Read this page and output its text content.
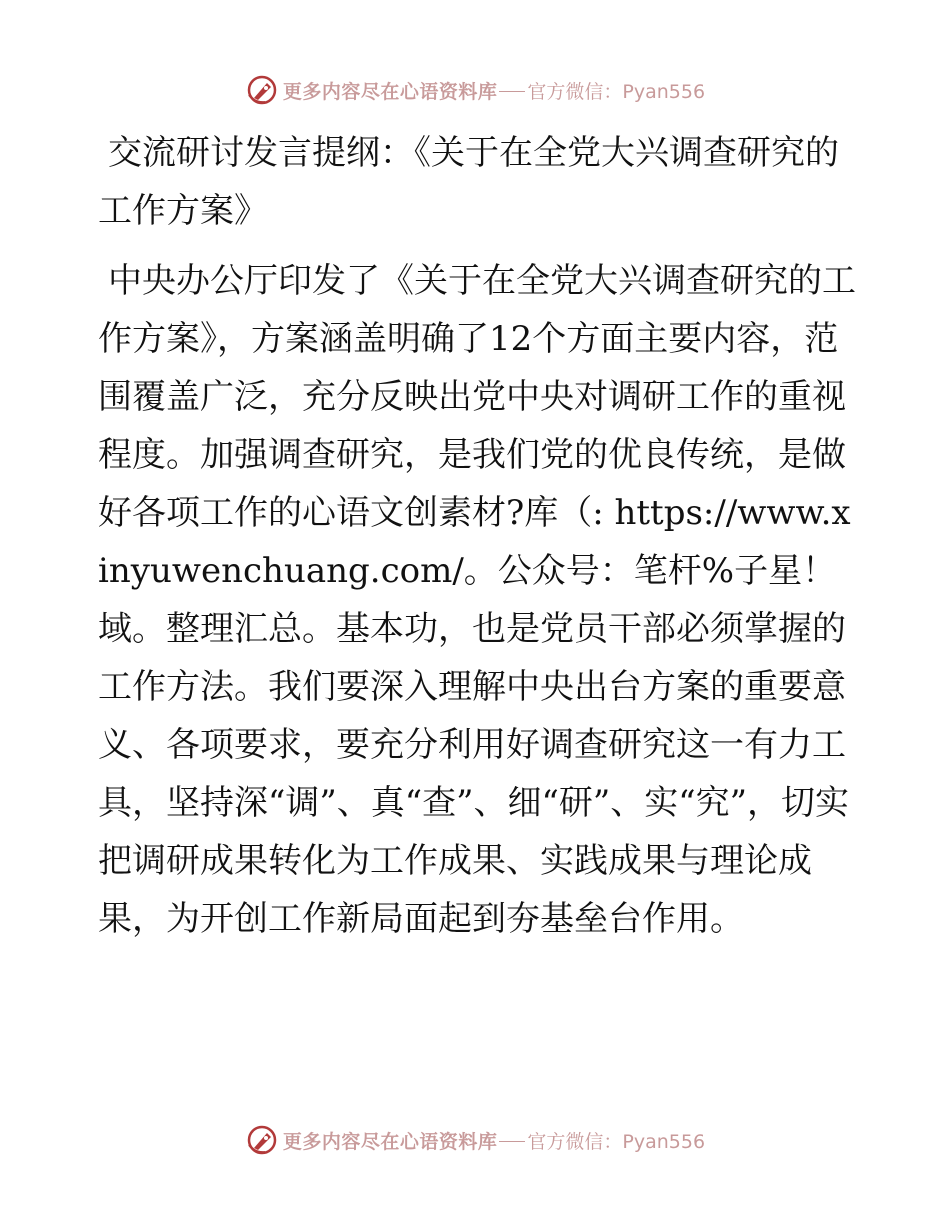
更多内容尽在心语资料库 官方微信：Pyan556
交流研讨发言提纲：《关于在全党大兴调查研究的工作方案》

中央办公厅印发了《关于在全党大兴调查研究的工作方案》，方案涵盖明确了12个方面主要内容，范围覆盖广泛，充分反映出党中央对调研工作的重视程度。加强调查研究，是我们党的优良传统，是做好各项工作的心语文创素材?库（: https://www.xinyuwenchuang.com/。公众号：笔杆%子星！域。整理汇总。基本功，也是党员干部必须掌握的工作方法。我们要深入理解中央出台方案的重要意义、各项要求，要充分利用好调查研究这一有力工具，坚持深“调”、真“查”、细“研”、实“究”，切实把调研成果转化为工作成果、实践成果与理论成果，为开创工作新局面起到夯基垒台作用。

更多内容尽在心语资料库 官方微信：Pyan556
